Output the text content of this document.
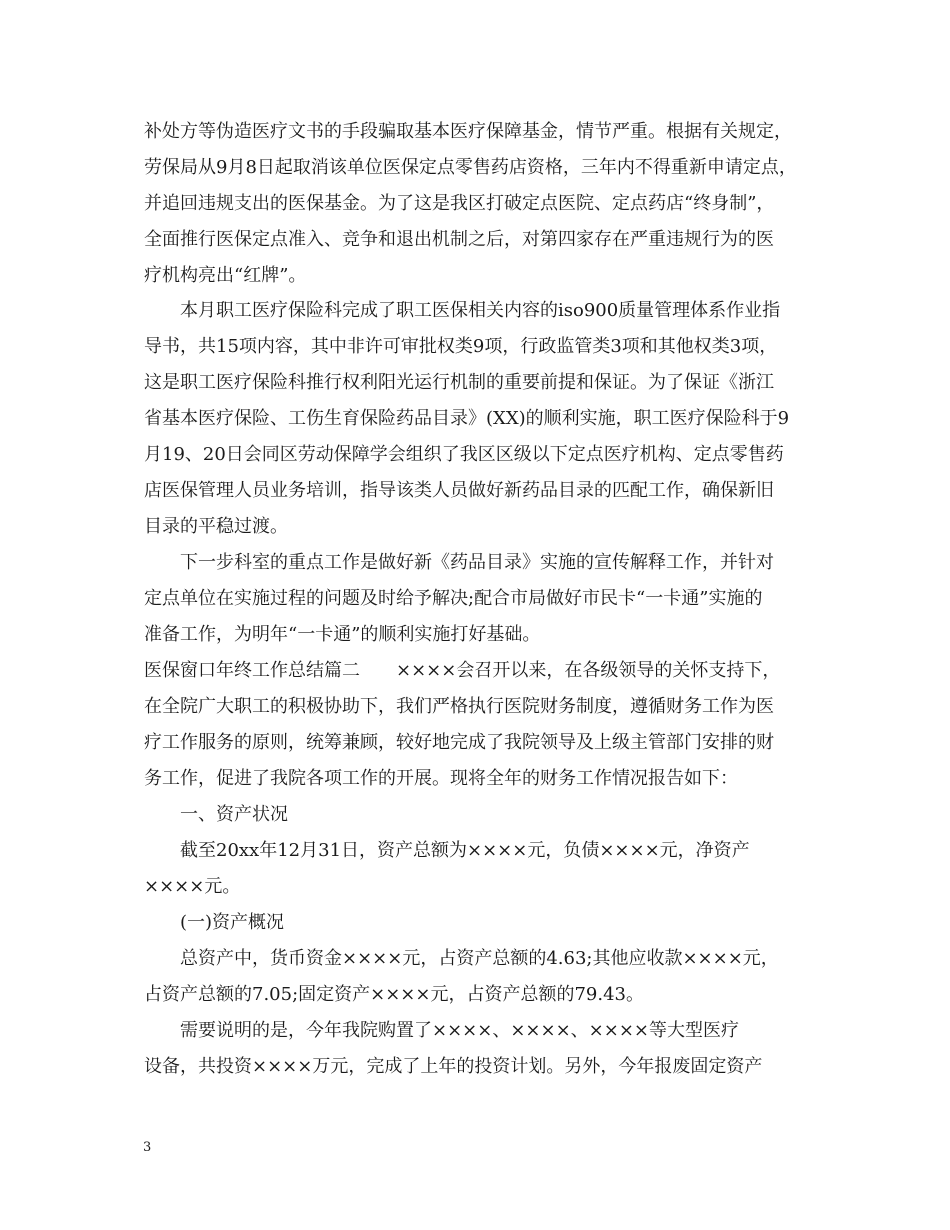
补处方等伪造医疗文书的手段骗取基本医疗保障基金，情节严重。根据有关规定，
劳保局从9月8日起取消该单位医保定点零售药店资格，三年内不得重新申请定点，
并追回违规支出的医保基金。为了这是我区打破定点医院、定点药店“终身制”，
全面推行医保定点准入、竞争和退出机制之后，对第四家存在严重违规行为的医
疗机构亮出“红牌”。
本月职工医疗保险科完成了职工医保相关内容的iso900质量管理体系作业指
导书，共15项内容，其中非许可审批权类9项，行政监管类3项和其他权类3项，
这是职工医疗保险科推行权利阳光运行机制的重要前提和保证。为了保证《浙江
省基本医疗保险、工伤生育保险药品目录》(XX)的顺利实施，职工医疗保险科于9
月19、20日会同区劳动保障学会组织了我区区级以下定点医疗机构、定点零售药
店医保管理人员业务培训，指导该类人员做好新药品目录的匹配工作，确保新旧
目录的平稳过渡。
下一步科室的重点工作是做好新《药品目录》实施的宣传解释工作，并针对
定点单位在实施过程的问题及时给予解决;配合市局做好市民卡“一卡通”实施的
准备工作，为明年“一卡通”的顺利实施打好基础。
医保窗口年终工作总结篇二　　××××会召开以来，在各级领导的关怀支持下，
在全院广大职工的积极协助下，我们严格执行医院财务制度，遵循财务工作为医
疗工作服务的原则，统筹兼顾，较好地完成了我院领导及上级主管部门安排的财
务工作，促进了我院各项工作的开展。现将全年的财务工作情况报告如下：
一、资产状况
截至20xx年12月31日，资产总额为××××元，负债××××元，净资产
××××元。
(一)资产概况
总资产中，货币资金××××元，占资产总额的4.63;其他应收款××××元，
占资产总额的7.05;固定资产××××元，占资产总额的79.43。
需要说明的是，今年我院购置了××××、××××、××××等大型医疗
设备，共投资××××万元，完成了上年的投资计划。另外，今年报废固定资产
3
